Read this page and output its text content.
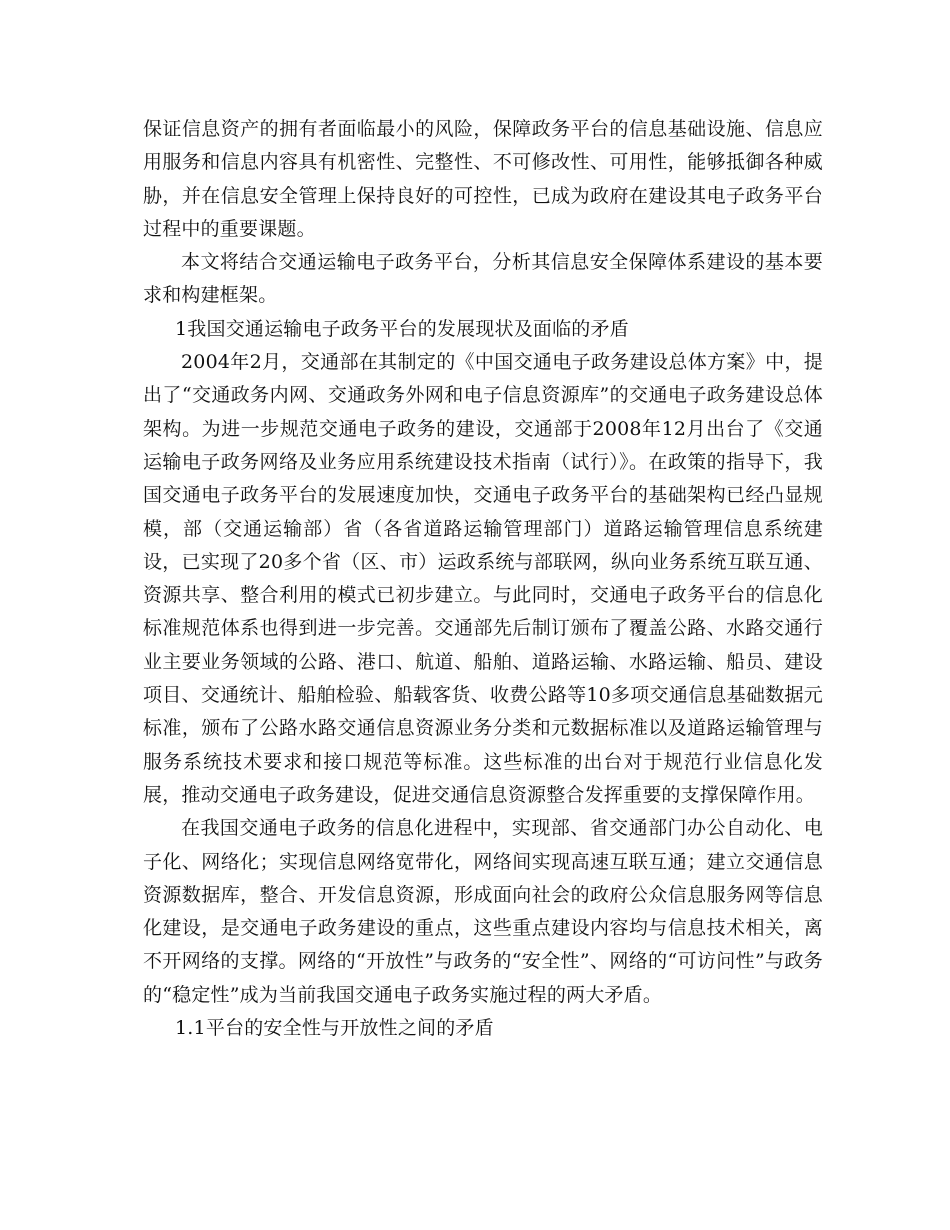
保证信息资产的拥有者面临最小的风险，保障政务平台的信息基础设施、信息应用服务和信息内容具有机密性、完整性、不可修改性、可用性，能够抵御各种威胁，并在信息安全管理上保持良好的可控性，已成为政府在建设其电子政务平台过程中的重要课题。

本文将结合交通运输电子政务平台，分析其信息安全保障体系建设的基本要求和构建框架。

1我国交通运输电子政务平台的发展现状及面临的矛盾

2004年2月，交通部在其制定的《中国交通电子政务建设总体方案》中，提出了“交通政务内网、交通政务外网和电子信息资源库”的交通电子政务建设总体架构。为进一步规范交通电子政务的建设，交通部于2008年12月出台了《交通运输电子政务网络及业务应用系统建设技术指南（试行）》。在政策的指导下，我国交通电子政务平台的发展速度加快，交通电子政务平台的基础架构已经凸显规模，部（交通运输部）省（各省道路运输管理部门）道路运输管理信息系统建设，已实现了20多个省（区、市）运政系统与部联网，纵向业务系统互联互通、资源共享、整合利用的模式已初步建立。与此同时，交通电子政务平台的信息化标准规范体系也得到进一步完善。交通部先后制订颁布了覆盖公路、水路交通行业主要业务领域的公路、港口、航道、船舶、道路运输、水路运输、船员、建设项目、交通统计、船舶检验、船载客货、收费公路等10多项交通信息基础数据元标准，颁布了公路水路交通信息资源业务分类和元数据标准以及道路运输管理与服务系统技术要求和接口规范等标准。这些标准的出台对于规范行业信息化发展，推动交通电子政务建设，促进交通信息资源整合发挥重要的支撑保障作用。

在我国交通电子政务的信息化进程中，实现部、省交通部门办公自动化、电子化、网络化；实现信息网络宽带化，网络间实现高速互联互通；建立交通信息资源数据库，整合、开发信息资源，形成面向社会的政府公众信息服务网等信息化建设，是交通电子政务建设的重点，这些重点建设内容均与信息技术相关，离不开网络的支撑。网络的“开放性”与政务的“安全性”、网络的“可访问性”与政务的“稳定性”成为当前我国交通电子政务实施过程的两大矛盾。

1.1平台的安全性与开放性之间的矛盾
